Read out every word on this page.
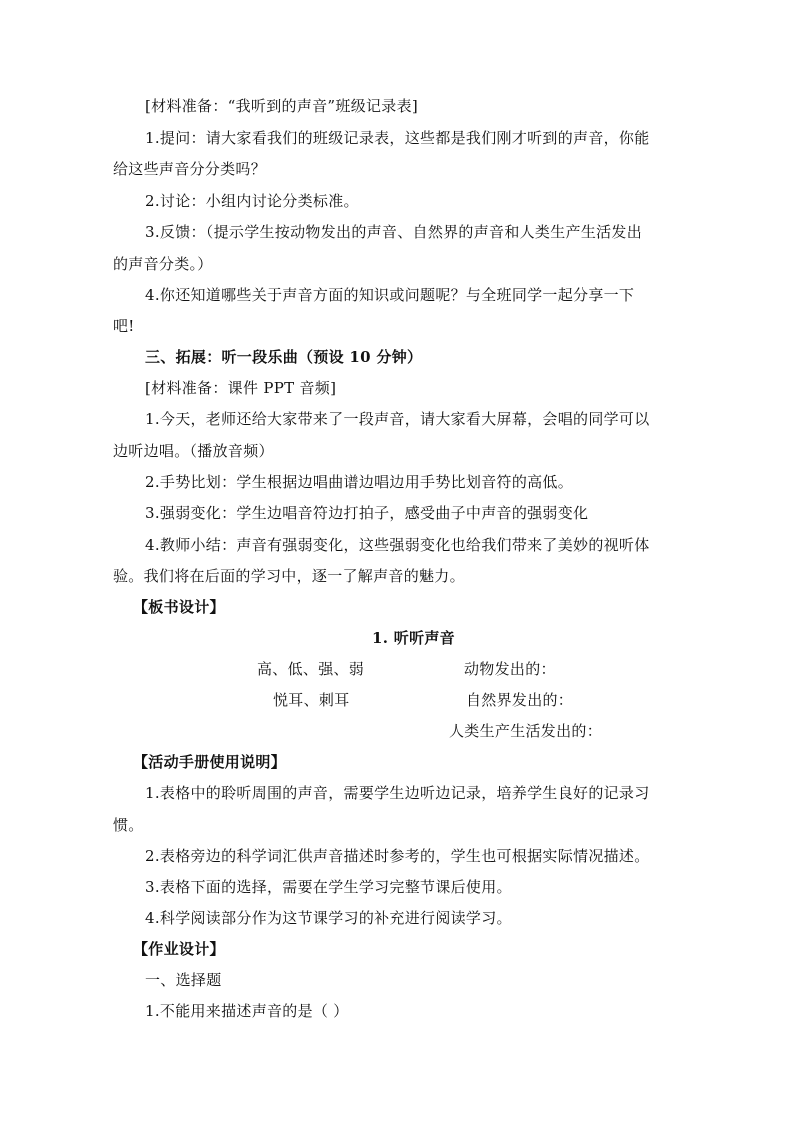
[材料准备：“我听到的声音”班级记录表]
1.提问：请大家看我们的班级记录表，这些都是我们刚才听到的声音，你能
给这些声音分分类吗？
2.讨论：小组内讨论分类标准。
3.反馈：（提示学生按动物发出的声音、自然界的声音和人类生产生活发出
的声音分类。）
4.你还知道哪些关于声音方面的知识或问题呢？与全班同学一起分享一下
吧!
三、拓展：听一段乐曲（预设 10 分钟）
[材料准备：课件 PPT 音频]
1.今天，老师还给大家带来了一段声音，请大家看大屏幕，会唱的同学可以
边听边唱。（播放音频）
2.手势比划：学生根据边唱曲谱边唱边用手势比划音符的高低。
3.强弱变化：学生边唱音符边打拍子，感受曲子中声音的强弱变化
4.教师小结：声音有强弱变化，这些强弱变化也给我们带来了美妙的视听体
验。我们将在后面的学习中，逐一了解声音的魅力。
【板书设计】
1. 听听声音
高、低、强、弱	动物发出的：
悦耳、刺耳	自然界发出的：
人类生产生活发出的：
【活动手册使用说明】
1.表格中的聆听周围的声音，需要学生边听边记录，培养学生良好的记录习
惯。
2.表格旁边的科学词汇供声音描述时参考的，学生也可根据实际情况描述。
3.表格下面的选择，需要在学生学习完整节课后使用。
4.科学阅读部分作为这节课学习的补充进行阅读学习。
【作业设计】
一、选择题
1.不能用来描述声音的是（ ）
